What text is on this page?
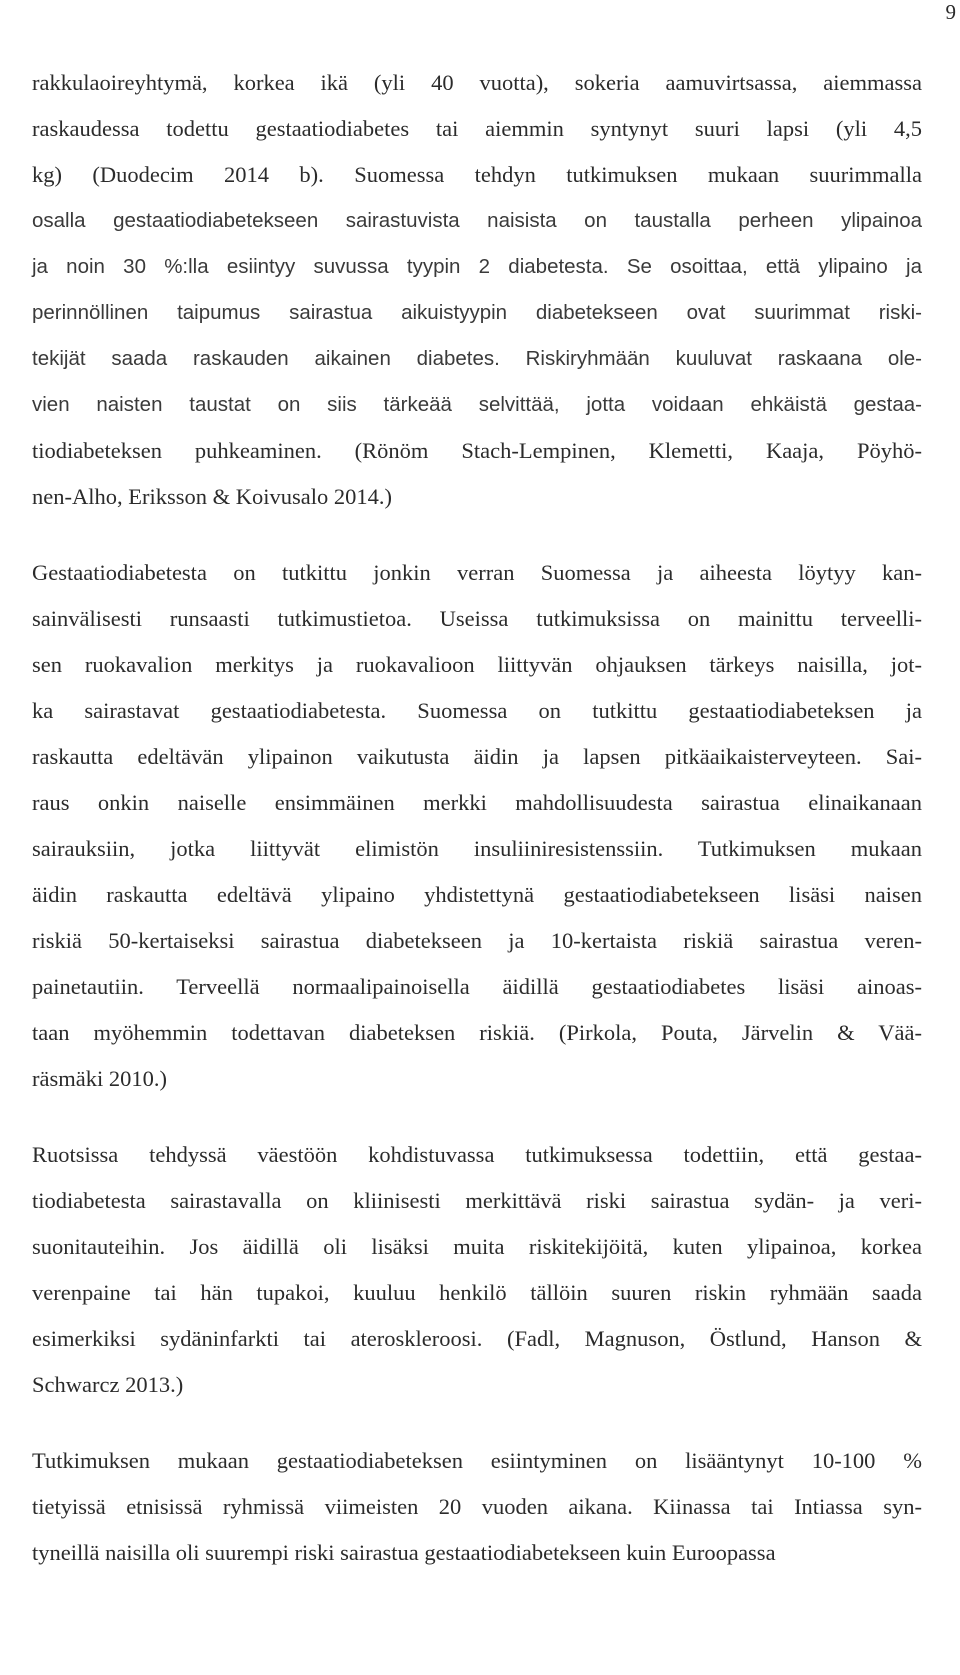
9
rakkulaoireyhtymä, korkea ikä (yli 40 vuotta), sokeria aamuvirtsassa, aiemmassa
raskaudessa todettu gestaatiodiabetes tai aiemmin syntynyt suuri lapsi (yli 4,5
kg) (Duodecim 2014 b). Suomessa tehdyn tutkimuksen mukaan suurimmalla
osalla gestaatiodiabetekseen sairastuvista naisista on taustalla perheen ylipainoa
ja noin 30 %:lla esiintyy suvussa tyypin 2 diabetesta. Se osoittaa, että ylipaino ja
perinnöllinen taipumus sairastua aikuistyypin diabetekseen ovat suurimmat riski-
tekijät saada raskauden aikainen diabetes. Riskiryhmään kuuluvat raskaana ole-
vien naisten taustat on siis tärkeää selvittää, jotta voidaan ehkäistä gestaa-
tiodiabeteksen puhkeaminen. (Rönöm Stach-Lempinen, Klemetti, Kaaja, Pöyhö-
nen-Alho, Eriksson & Koivusalo 2014.)
Gestaatiodiabetesta on tutkittu jonkin verran Suomessa ja aiheesta löytyy kan-
sainvälisesti runsaasti tutkimustietoa. Useissa tutkimuksissa on mainittu terveelli-
sen ruokavalion merkitys ja ruokavalioon liittyvän ohjauksen tärkeys naisilla, jot-
ka sairastavat gestaatiodiabetesta. Suomessa on tutkittu gestaatiodiabeteksen ja
raskautta edeltävän ylipainon vaikutusta äidin ja lapsen pitkäaikaisterveyteen. Sai-
raus onkin naiselle ensimmäinen merkki mahdollisuudesta sairastua elinaikanaan
sairauksiin, jotka liittyvät elimistön insuliiniresistenssiin. Tutkimuksen mukaan
äidin raskautta edeltävä ylipaino yhdistettynä gestaatiodiabetekseen lisäsi naisen
riskiä 50-kertaiseksi sairastua diabetekseen ja 10-kertaista riskiä sairastua veren-
painetautiin. Terveellä normaalipainoisella äidillä gestaatiodiabetes lisäsi ainoas-
taan myöhemmin todettavan diabeteksen riskiä. (Pirkola, Pouta, Järvelin & Vää-
räsmäki 2010.)
Ruotsissa tehdyssä väestöön kohdistuvassa tutkimuksessa todettiin, että gestaa-
tiodiabetesta sairastavalla on kliinisesti merkittävä riski sairastua sydän- ja veri-
suonitauteihin. Jos äidillä oli lisäksi muita riskitekijöitä, kuten ylipainoa, korkea
verenpaine tai hän tupakoi, kuuluu henkilö tällöin suuren riskin ryhmään saada
esimerkiksi sydäninfarkti tai ateroskleroosi. (Fadl, Magnuson, Östlund, Hanson &
Schwarcz 2013.)
Tutkimuksen mukaan gestaatiodiabeteksen esiintyminen on lisääntynyt 10-100 %
tietyissä etnisissä ryhmissä viimeisten 20 vuoden aikana. Kiinassa tai Intiassa syn-
tyneillä naisilla oli suurempi riski sairastua gestaatiodiabetekseen kuin Euroopassa
